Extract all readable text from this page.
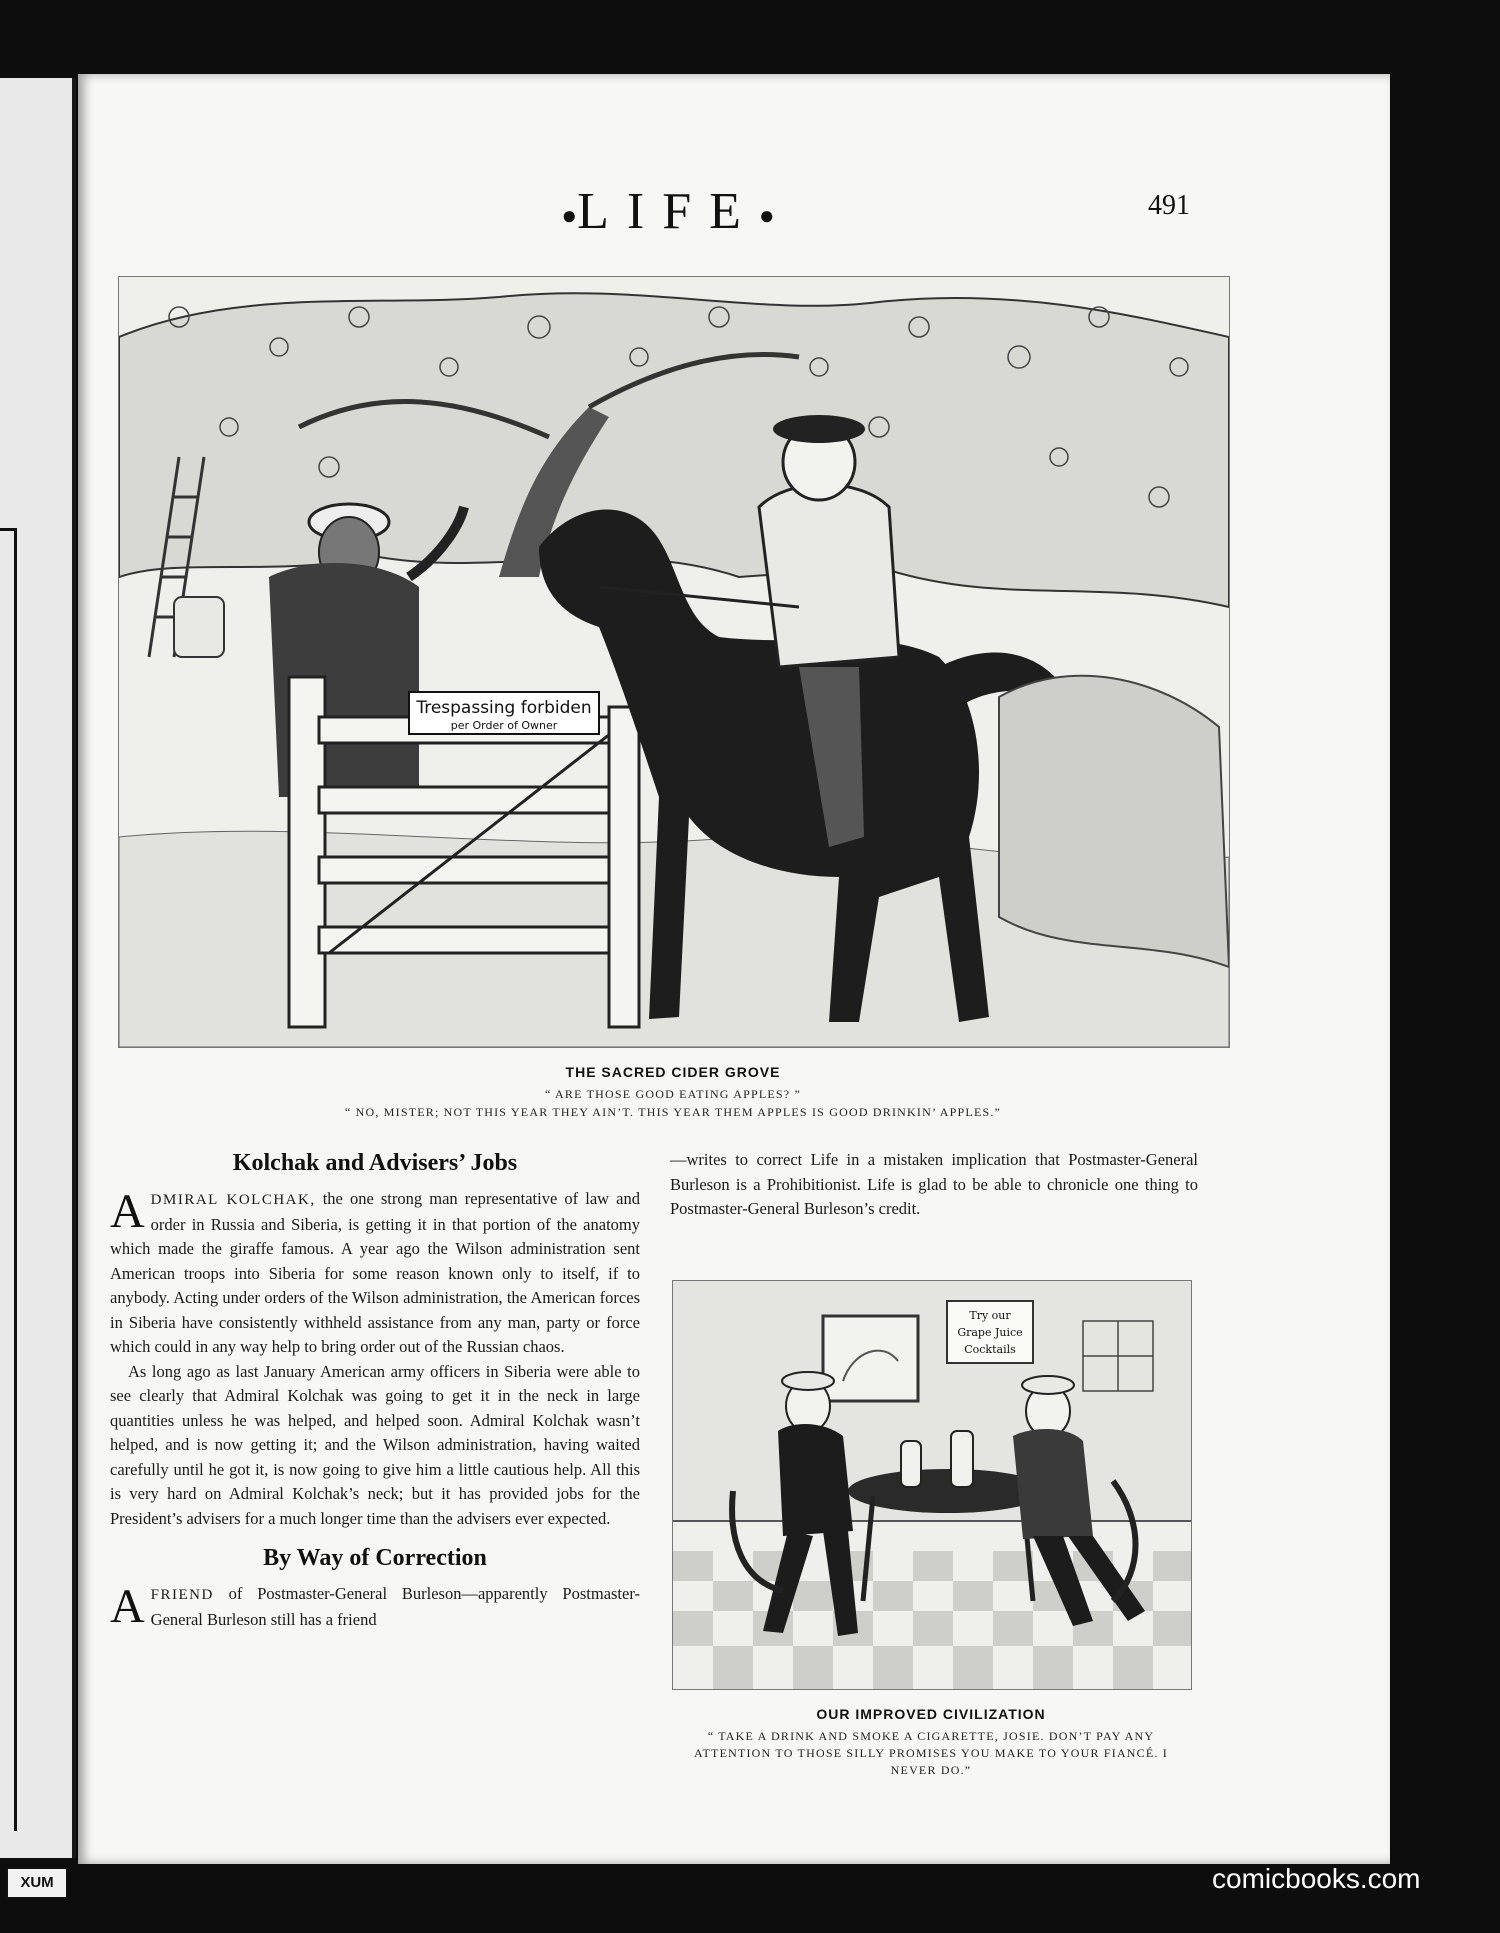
●LIFE●	491
Trespassing forbiden
per Order of Owner
THE SACRED CIDER GROVE
“ ARE THOSE GOOD EATING APPLES? ”
“ NO, MISTER; NOT THIS YEAR THEY AIN’T. THIS YEAR THEM APPLES IS GOOD DRINKIN’ APPLES.”
Kolchak and Advisers’ Jobs

ADMIRAL KOLCHAK, the one strong man representative of law and order in Russia and Siberia, is getting it in that portion of the anatomy which made the giraffe famous. A year ago the Wilson administration sent American troops into Siberia for some reason known only to itself, if to anybody. Acting under orders of the Wilson administration, the American forces in Siberia have consistently withheld assistance from any man, party or force which could in any way help to bring order out of the Russian chaos.

As long ago as last January American army officers in Siberia were able to see clearly that Admiral Kolchak was going to get it in the neck in large quantities unless he was helped, and helped soon. Admiral Kolchak wasn’t helped, and is now getting it; and the Wilson administration, having waited carefully until he got it, is now going to give him a little cautious help. All this is very hard on Admiral Kolchak’s neck; but it has provided jobs for the President’s advisers for a much longer time than the advisers ever expected.

By Way of Correction

AFRIEND of Postmaster-General Burleson—apparently Postmaster-General Burleson still has a friend

—writes to correct Life in a mistaken implication that Postmaster-General Burleson is a Prohibitionist. Life is glad to be able to chronicle one thing to Postmaster-General Burleson’s credit.

Try our
Grape Juice
Cocktails
OUR IMPROVED CIVILIZATION
“ TAKE A DRINK AND SMOKE A CIGARETTE, JOSIE. DON’T PAY ANY ATTENTION TO THOSE SILLY PROMISES YOU MAKE TO YOUR FIANCÉ. I NEVER DO.”
XUM	comicbooks.com
